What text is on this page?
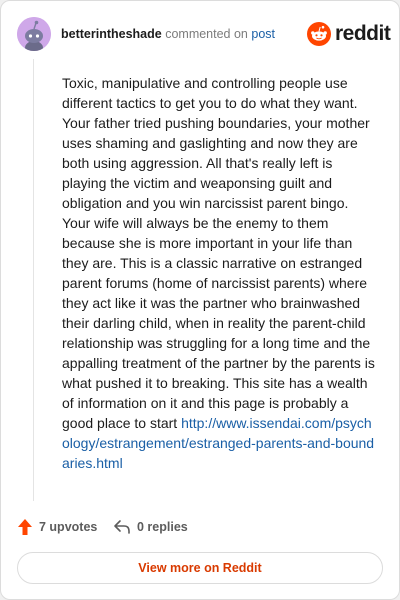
betterintheshade commented on post	reddit

Toxic, manipulative and controlling people use different tactics to get you to do what they want. Your father tried pushing boundaries, your mother uses shaming and gaslighting and now they are both using aggression. All that's really left is playing the victim and weaponsing guilt and obligation and you win narcissist parent bingo. Your wife will always be the enemy to them because she is more important in your life than they are. This is a classic narrative on estranged parent forums (home of narcissist parents) where they act like it was the partner who brainwashed their darling child, when in reality the parent-child relationship was struggling for a long time and the appalling treatment of the partner by the parents is what pushed it to breaking. This site has a wealth of information on it and this page is probably a good place to start http://www.issendai.com/psychology/estrangement/estranged-parents-and-boundaries.html

7 upvotes	0 replies
View more on Reddit
